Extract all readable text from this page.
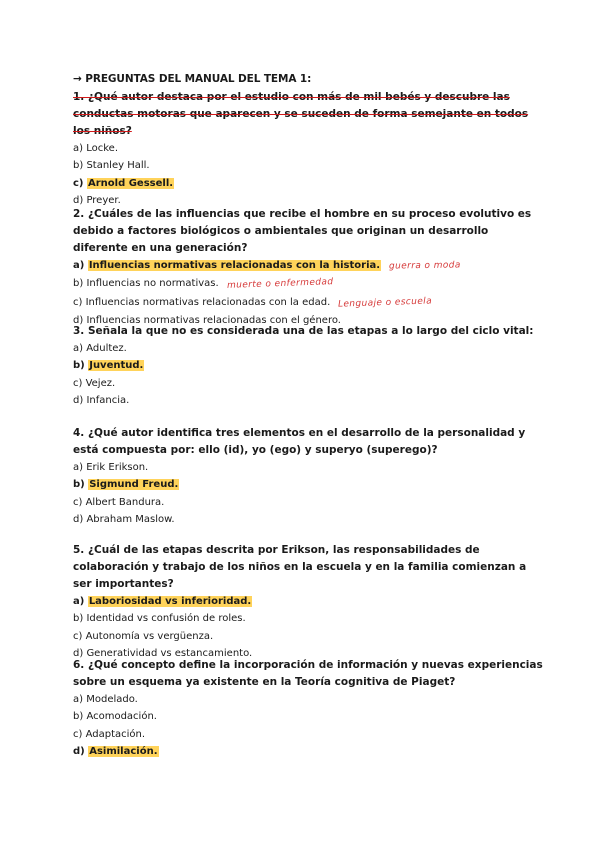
→ PREGUNTAS DEL MANUAL DEL TEMA 1:
1. ¿Qué autor destaca por el estudio con más de mil bebés y descubre las conductas motoras que aparecen y se suceden de forma semejante en todos los niños?
a) Locke.
b) Stanley Hall.
c) Arnold Gessell.
d) Preyer.
2. ¿Cuáles de las influencias que recibe el hombre en su proceso evolutivo es debido a factores biológicos o ambientales que originan un desarrollo diferente en una generación?
a) Influencias normativas relacionadas con la historia. guerra o moda
b) Influencias no normativas. muerte o enfermedad
c) Influencias normativas relacionadas con la edad. Lenguaje o escuela
d) Influencias normativas relacionadas con el género.
3. Señala la que no es considerada una de las etapas a lo largo del ciclo vital:
a) Adultez.
b) Juventud.
c) Vejez.
d) Infancia.
4. ¿Qué autor identifica tres elementos en el desarrollo de la personalidad y está compuesta por: ello (id), yo (ego) y superyo (superego)?
a) Erik Erikson.
b) Sigmund Freud.
c) Albert Bandura.
d) Abraham Maslow.
5. ¿Cuál de las etapas descrita por Erikson, las responsabilidades de colaboración y trabajo de los niños en la escuela y en la familia comienzan a ser importantes?
a) Laboriosidad vs inferioridad.
b) Identidad vs confusión de roles.
c) Autonomía vs vergüenza.
d) Generatividad vs estancamiento.
6. ¿Qué concepto define la incorporación de información y nuevas experiencias sobre un esquema ya existente en la Teoría cognitiva de Piaget?
a) Modelado.
b) Acomodación.
c) Adaptación.
d) Asimilación.
